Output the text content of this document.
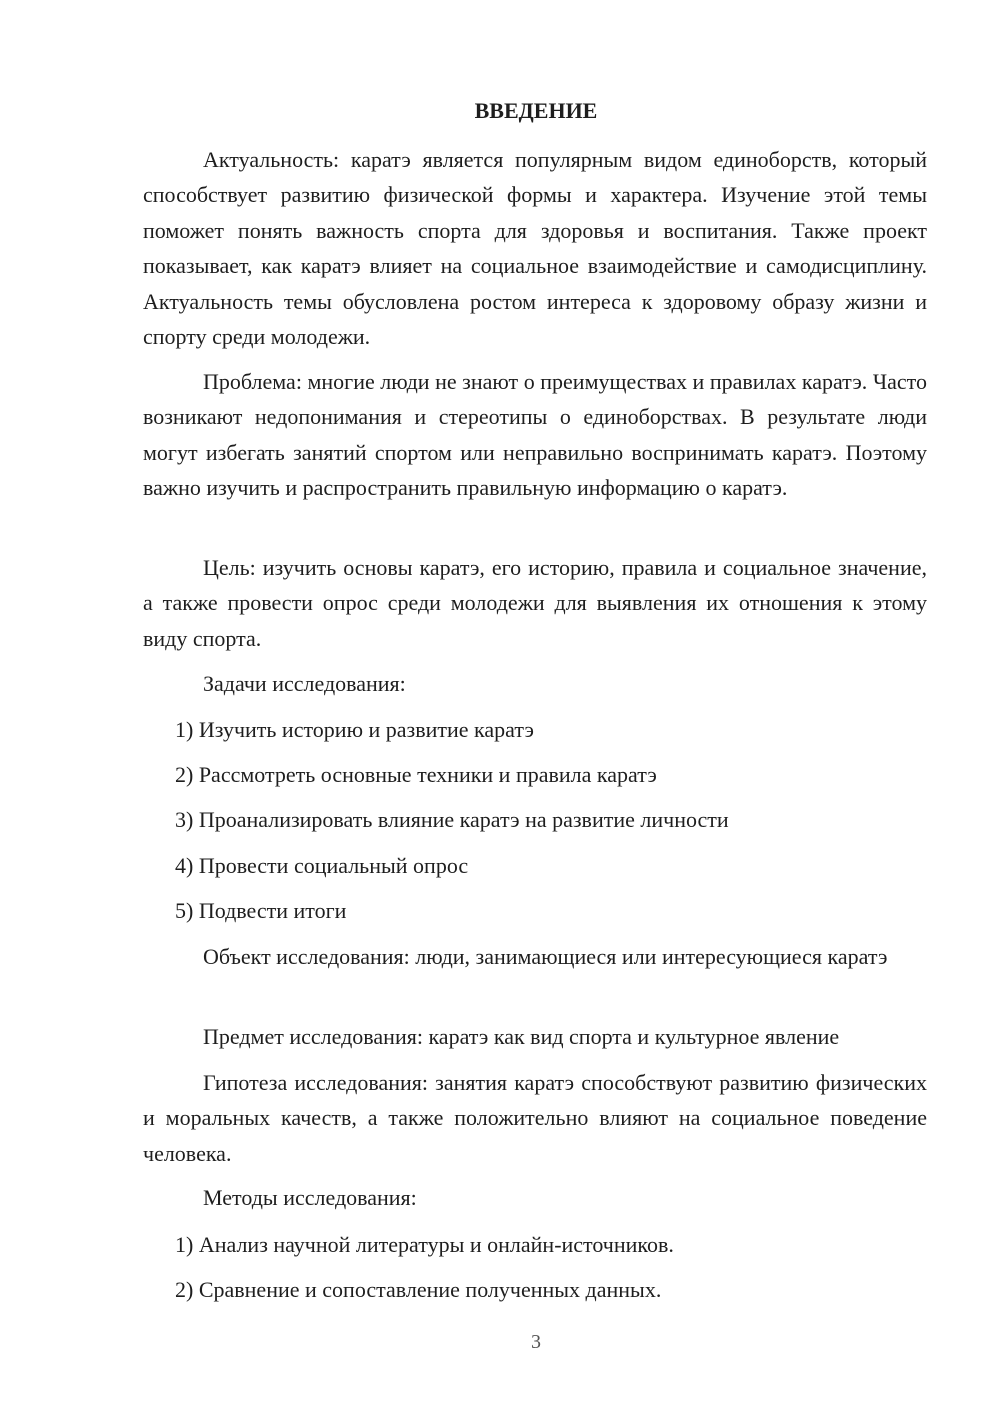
ВВЕДЕНИЕ

Актуальность: каратэ является популярным видом единоборств, который способствует развитию физической формы и характера. Изучение этой темы поможет понять важность спорта для здоровья и воспитания. Также проект показывает, как каратэ влияет на социальное взаимодействие и самодисциплину. Актуальность темы обусловлена ростом интереса к здоровому образу жизни и спорту среди молодежи.

Проблема: многие люди не знают о преимуществах и правилах каратэ. Часто возникают недопонимания и стереотипы о единоборствах. В результате люди могут избегать занятий спортом или неправильно воспринимать каратэ. Поэтому важно изучить и распространить правильную информацию о каратэ.

Цель: изучить основы каратэ, его историю, правила и социальное значение, а также провести опрос среди молодежи для выявления их отношения к этому виду спорта.

Задачи исследования:

1) Изучить историю и развитие каратэ
2) Рассмотреть основные техники и правила каратэ
3) Проанализировать влияние каратэ на развитие личности
4) Провести социальный опрос
5) Подвести итоги

Объект исследования: люди, занимающиеся или интересующиеся каратэ

Предмет исследования: каратэ как вид спорта и культурное явление

Гипотеза исследования: занятия каратэ способствуют развитию физических и моральных качеств, а также положительно влияют на социальное поведение человека.

Методы исследования:

1) Анализ научной литературы и онлайн-источников.
2) Сравнение и сопоставление полученных данных.
3
